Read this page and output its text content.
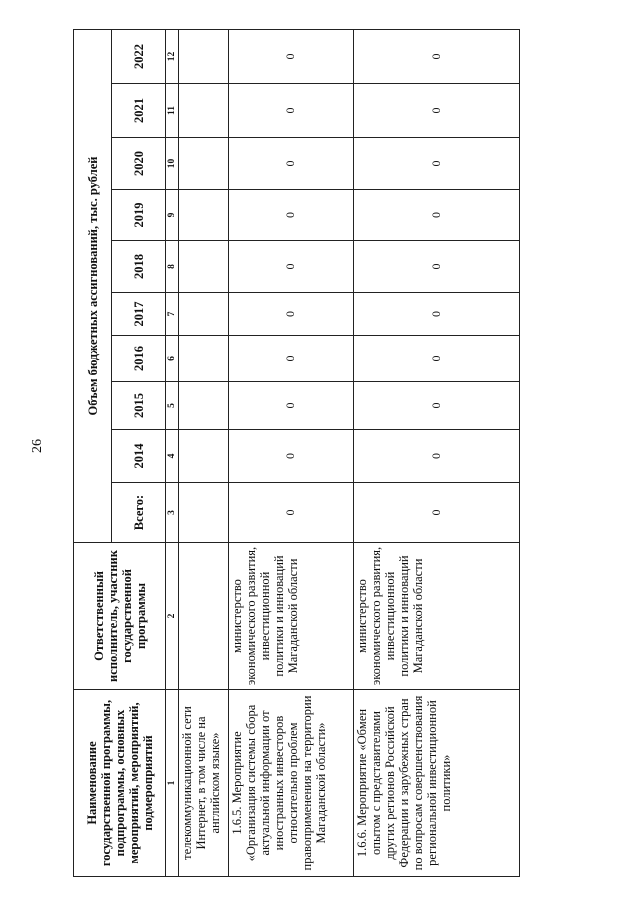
26
Наименование государственной программы, подпрограммы, основных мероприятий, мероприятий, подмероприятий	Ответственный исполнитель, участник государственной программы	Объем бюджетных ассигнований, тыс. рублей									
		Всего:	2014	2015	2016	2017	2018	2019	2020	2021	2022
1	2	3	4	5	6	7	8	9	10	11	12
телекоммуникационной сети Интернет, в том числе на английском языке»											
1.6.5. Мероприятие «Организация системы сбора актуальной информации от иностранных инвесторов относительно проблем правоприменения на территории Магаданской области»	министерство экономического развития, инвестиционной политики и инноваций Магаданской области	0	0	0	0	0	0	0	0	0	0
1.6.6. Мероприятие «Обмен опытом с представителями других регионов Российской Федерации и зарубежных стран по вопросам совершенствования региональной инвестиционной политики»	министерство экономического развития, инвестиционной политики и инноваций Магаданской области	0	0	0	0	0	0	0	0	0	0
